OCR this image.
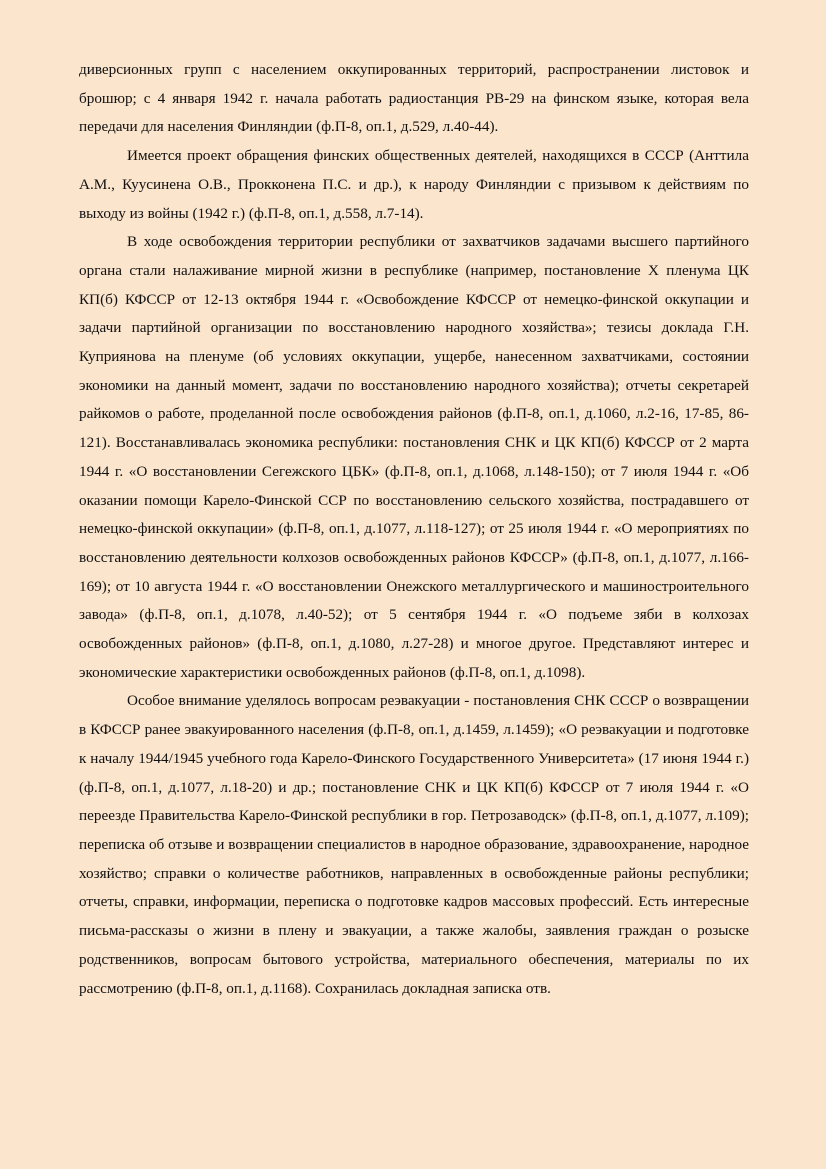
диверсионных групп с населением оккупированных территорий, распространении листовок и брошюр; с 4 января 1942 г. начала работать радиостанция РВ-29 на финском языке, которая вела передачи для населения Финляндии (ф.П-8, оп.1, д.529, л.40-44).

Имеется проект обращения финских общественных деятелей, находящихся в СССР (Анттила А.М., Куусинена О.В., Прокконена П.С. и др.), к народу Финляндии с призывом к действиям по выходу из войны (1942 г.) (ф.П-8, оп.1, д.558, л.7-14).

В ходе освобождения территории республики от захватчиков задачами высшего партийного органа стали налаживание мирной жизни в республике (например, постановление X пленума ЦК КП(б) КФССР от 12-13 октября 1944 г. «Освобождение КФССР от немецко-финской оккупации и задачи партийной организации по восстановлению народного хозяйства»; тезисы доклада Г.Н. Куприянова на пленуме (об условиях оккупации, ущербе, нанесенном захватчиками, состоянии экономики на данный момент, задачи по восстановлению народного хозяйства); отчеты секретарей райкомов о работе, проделанной после освобождения районов (ф.П-8, оп.1, д.1060, л.2-16, 17-85, 86-121). Восстанавливалась экономика республики: постановления СНК и ЦК КП(б) КФССР от 2 марта 1944 г. «О восстановлении Сегежского ЦБК» (ф.П-8, оп.1, д.1068, л.148-150); от 7 июля 1944 г. «Об оказании помощи Карело-Финской ССР по восстановлению сельского хозяйства, пострадавшего от немецко-финской оккупации» (ф.П-8, оп.1, д.1077, л.118-127); от 25 июля 1944 г. «О мероприятиях по восстановлению деятельности колхозов освобожденных районов КФССР» (ф.П-8, оп.1, д.1077, л.166-169); от 10 августа 1944 г. «О восстановлении Онежского металлургического и машиностроительного завода» (ф.П-8, оп.1, д.1078, л.40-52); от 5 сентября 1944 г. «О подъеме зяби в колхозах освобожденных районов» (ф.П-8, оп.1, д.1080, л.27-28) и многое другое. Представляют интерес и экономические характеристики освобожденных районов (ф.П-8, оп.1, д.1098).

Особое внимание уделялось вопросам реэвакуации - постановления СНК СССР о возвращении в КФССР ранее эвакуированного населения (ф.П-8, оп.1, д.1459, л.1459); «О реэвакуации и подготовке к началу 1944/1945 учебного года Карело-Финского Государственного Университета» (17 июня 1944 г.) (ф.П-8, оп.1, д.1077, л.18-20) и др.; постановление СНК и ЦК КП(б) КФССР от 7 июля 1944 г. «О переезде Правительства Карело-Финской республики в гор. Петрозаводск» (ф.П-8, оп.1, д.1077, л.109); переписка об отзыве и возвращении специалистов в народное образование, здравоохранение, народное хозяйство; справки о количестве работников, направленных в освобожденные районы республики; отчеты, справки, информации, переписка о подготовке кадров массовых профессий. Есть интересные письма-рассказы о жизни в плену и эвакуации, а также жалобы, заявления граждан о розыске родственников, вопросам бытового устройства, материального обеспечения, материалы по их рассмотрению (ф.П-8, оп.1, д.1168). Сохранилась докладная записка отв.
